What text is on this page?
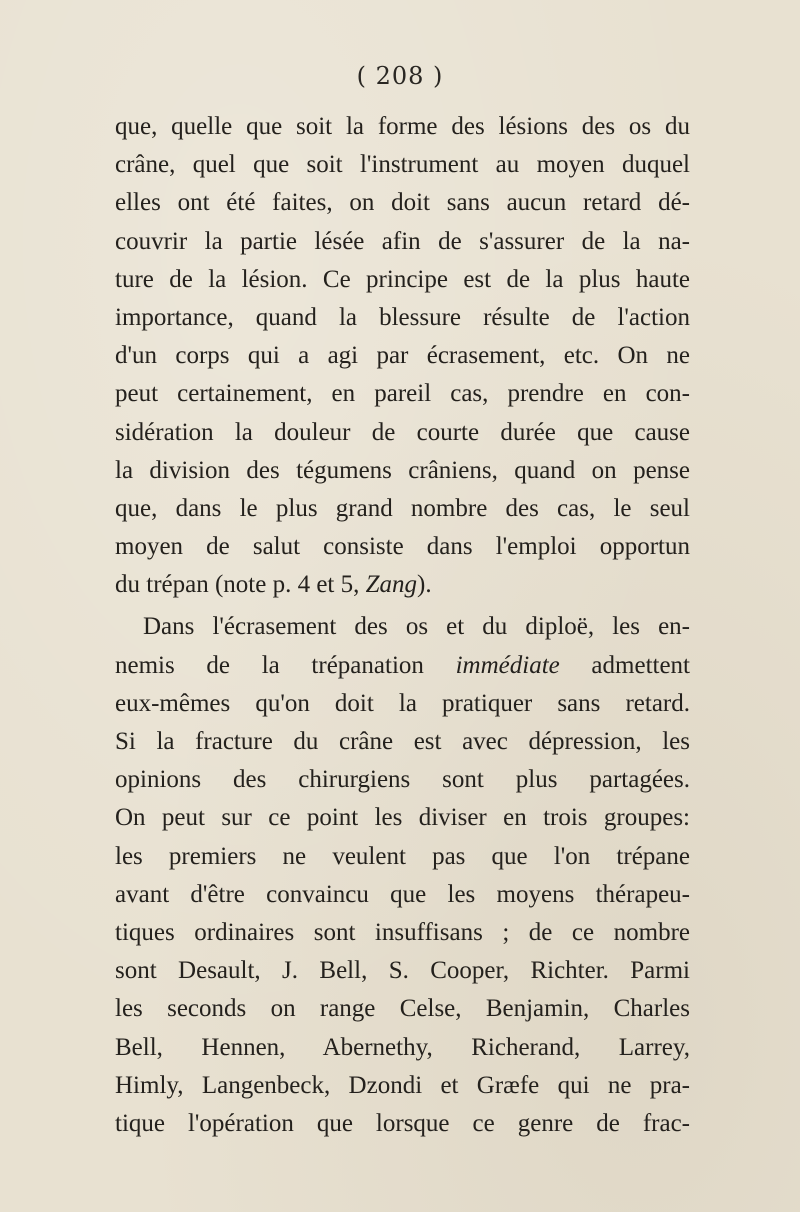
( 208 )
que, quelle que soit la forme des lésions des os du
crâne, quel que soit l'instrument au moyen duquel
elles ont été faites, on doit sans aucun retard dé-
couvrir la partie lésée afin de s'assurer de la na-
ture de la lésion. Ce principe est de la plus haute
importance, quand la blessure résulte de l'action
d'un corps qui a agi par écrasement, etc. On ne
peut certainement, en pareil cas, prendre en con-
sidération la douleur de courte durée que cause
la division des tégumens crâniens, quand on pense
que, dans le plus grand nombre des cas, le seul
moyen de salut consiste dans l'emploi opportun
du trépan (note p. 4 et 5, Zang).
Dans l'écrasement des os et du diploë, les en-
nemis de la trépanation immédiate admettent
eux-mêmes qu'on doit la pratiquer sans retard.
Si la fracture du crâne est avec dépression, les
opinions des chirurgiens sont plus partagées.
On peut sur ce point les diviser en trois groupes:
les premiers ne veulent pas que l'on trépane
avant d'être convaincu que les moyens thérapeu-
tiques ordinaires sont insuffisans ; de ce nombre
sont Desault, J. Bell, S. Cooper, Richter. Parmi
les seconds on range Celse, Benjamin, Charles
Bell, Hennen, Abernethy, Richerand, Larrey,
Himly, Langenbeck, Dzondi et Græfe qui ne pra-
tique l'opération que lorsque ce genre de frac-
